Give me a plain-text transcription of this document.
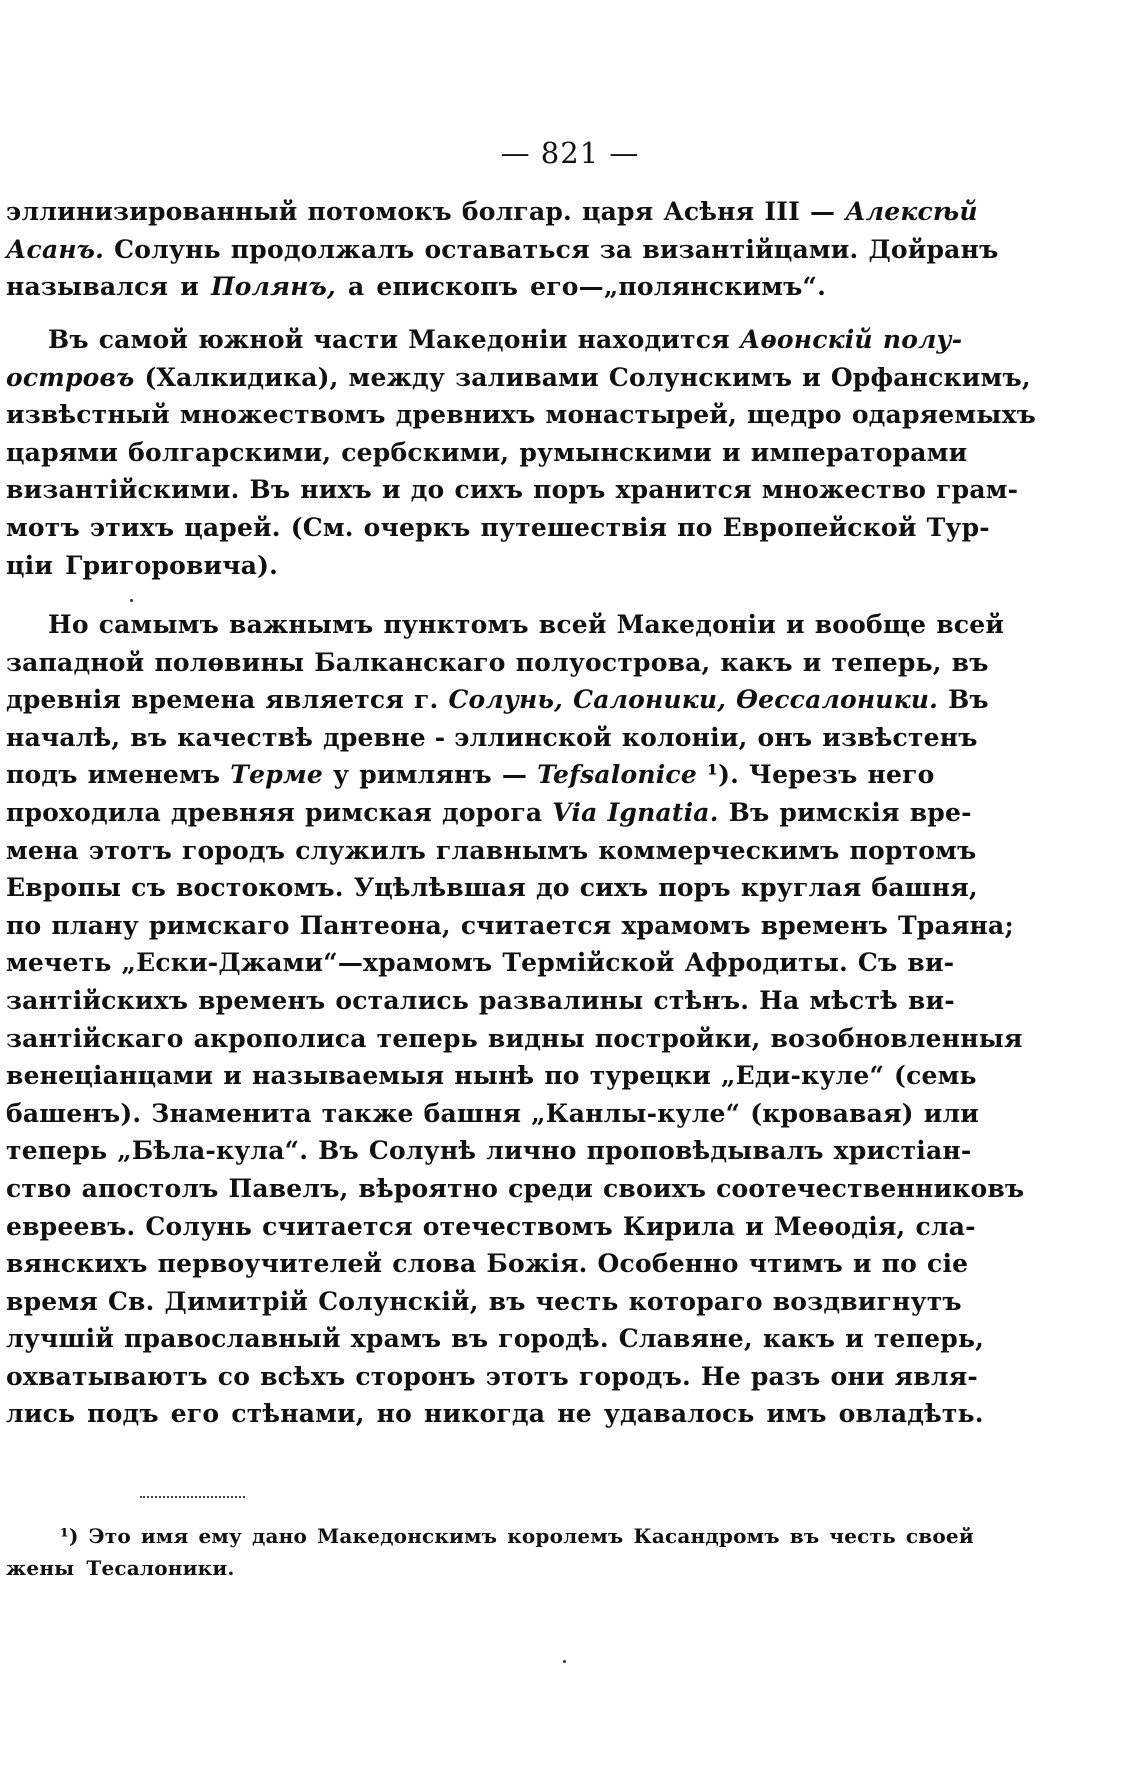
— 821 —
эллинизированный потомокъ болгар. царя Асѣня III — Алексѣй
Асанъ. Солунь продолжалъ оставаться за византійцами. Дойранъ
назывался и Полянъ, а епископъ его—„полянскимъ“.
Въ самой южной части Македоніи находится Аѳонскій полу-
островъ (Халкидика), между заливами Солунскимъ и Орфанскимъ,
извѣстный множествомъ древнихъ монастырей, щедро одаряемыхъ
царями болгарскими, сербскими, румынскими и императорами
византійскими. Въ нихъ и до сихъ поръ хранится множество грам-
мотъ этихъ царей. (См. очеркъ путешествія по Европейской Тур-
ціи Григоровича).
Но самымъ важнымъ пунктомъ всей Македоніи и вообще всей
западной полѳвины Балканскаго полуострова, какъ и теперь, въ
древнія времена является г. Солунь, Салоники, Ѳессалоники. Въ
началѣ, въ качествѣ древне - эллинской колоніи, онъ извѣстенъ
подъ именемъ Терме у римлянъ — Tefsalonice ¹). Черезъ него
проходила древняя римская дорога Via Ignatia. Въ римскія вре-
мена этотъ городъ служилъ главнымъ коммерческимъ портомъ
Европы съ востокомъ. Уцѣлѣвшая до сихъ поръ круглая башня,
по плану римскаго Пантеона, считается храмомъ временъ Траяна;
мечеть „Ески-Джами“—храмомъ Термійской Афродиты. Съ ви-
зантійскихъ временъ остались развалины стѣнъ. На мѣстѣ ви-
зантійскаго акрополиса теперь видны постройки, возобновленныя
венеціанцами и называемыя нынѣ по турецки „Еди-куле“ (семь
башенъ). Знаменита также башня „Канлы-куле“ (кровавая) или
теперь „Бѣла-кула“. Въ Солунѣ лично проповѣдывалъ христіан-
ство апостолъ Павелъ, вѣроятно среди своихъ соотечественниковъ
евреевъ. Солунь считается отечествомъ Кирила и Меѳодія, сла-
вянскихъ первоучителей слова Божія. Особенно чтимъ и по сіе
время Св. Димитрій Солунскій, въ честь котораго воздвигнутъ
лучшій православный храмъ въ городѣ. Славяне, какъ и теперь,
охватываютъ со всѣхъ сторонъ этотъ городъ. Не разъ они явля-
лись подъ его стѣнами, но никогда не удавалось имъ овладѣть.
¹) Это имя ему дано Македонскимъ королемъ Касандромъ въ честь своей
жены Тесалоники.
